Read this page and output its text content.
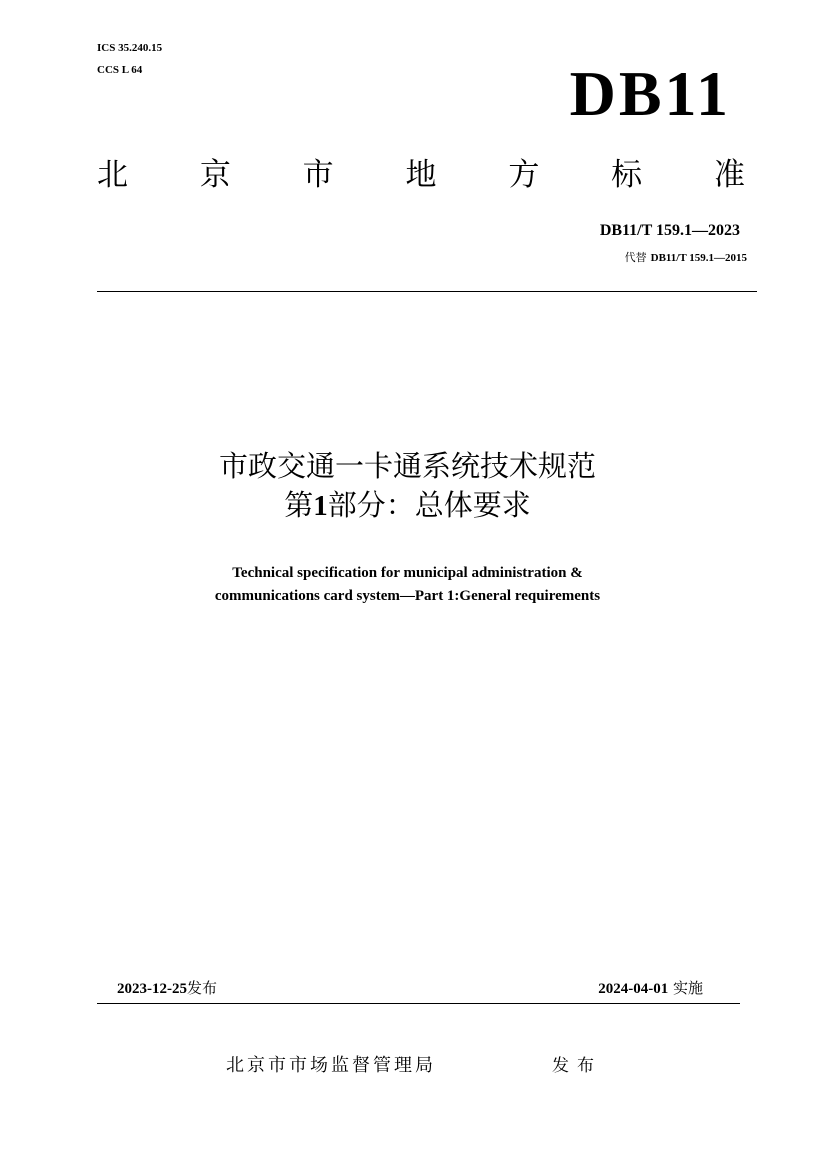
ICS 35.240.15
CCS L 64	DB11
北 京 市 地 方 标 准
DB11/T 159.1—2023
代替 DB11/T 159.1—2015
市政交通一卡通系统技术规范
第1部分：总体要求
Technical specification for municipal administration &
communications card system—Part 1:General requirements
2023-12-25发布	2024-04-01 实施
北京市市场监督管理局	发布
